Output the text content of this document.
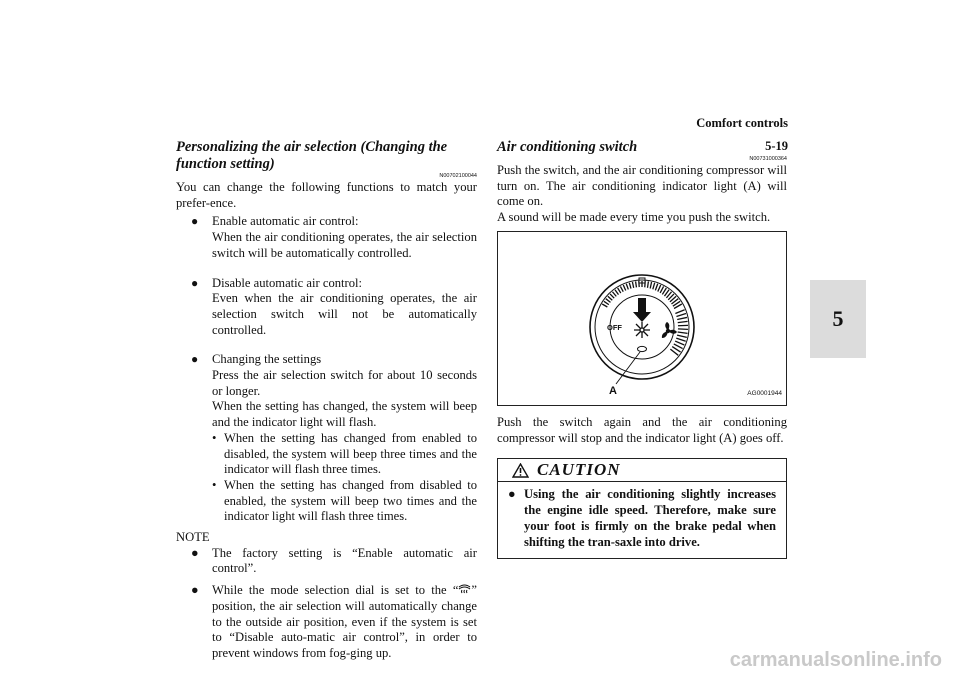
Comfort controls
5-19
5
Personalizing the air selection (Changing the function setting)
N00702100044

You can change the following functions to match your prefer-ence.

● Enable automatic air control:

When the air conditioning operates, the air selection switch will be automatically controlled.

● Disable automatic air control:

Even when the air conditioning operates, the air selection switch will not be automatically controlled.

● Changing the settings

Press the air selection switch for about 10 seconds or longer.

When the setting has changed, the system will beep and the indicator light will flash.

• When the setting has changed from enabled to disabled, the system will beep three times and the indicator will flash three times.
• When the setting has changed from disabled to enabled, the system will beep two times and the indicator light will flash three times.
NOTE
● The factory setting is “Enable automatic air control”.
● While the mode selection dial is set to the “ ” position, the air selection will automatically change to the outside air position, even if the system is set to “Disable auto-matic air control”, in order to prevent windows from fog-ging up.
Air conditioning switch
N00731000364

Push the switch, and the air conditioning compressor will turn on. The air conditioning indicator light (A) will come on.

A sound will be made every time you push the switch.

OFF
A	AG0001944

Push the switch again and the air conditioning compressor will stop and the indicator light (A) goes off.

CAUTION
● Using the air conditioning slightly increases the engine idle speed. Therefore, make sure your foot is firmly on the brake pedal when shifting the tran-saxle into drive.
carmanualsonline.info
